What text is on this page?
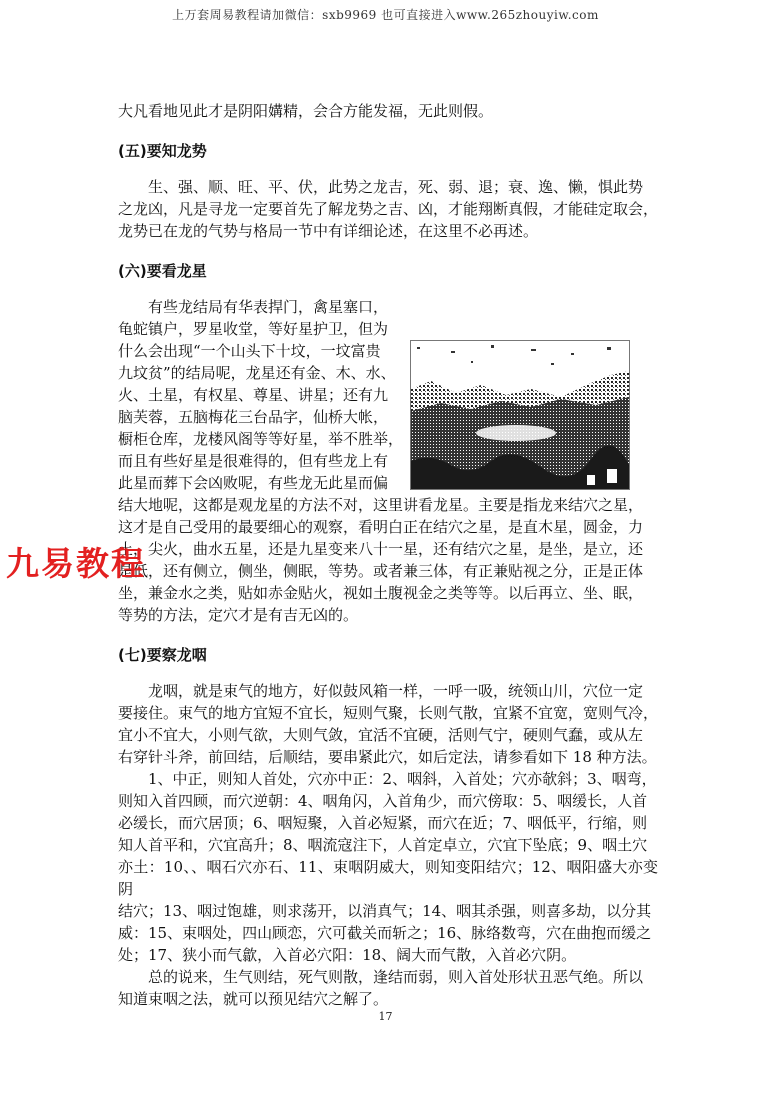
上万套周易教程请加微信：sxb9969 也可直接进入www.265zhouyiw.com

大凡看地见此才是阴阳媾精，会合方能发福，无此则假。

(五)要知龙势

生、强、顺、旺、平、伏，此势之龙吉，死、弱、退；衰、逸、懒，惧此势

之龙凶，凡是寻龙一定要首先了解龙势之吉、凶，才能翔断真假，才能硅定取会，

龙势已在龙的气势与格局一节中有详细论述，在这里不必再述。

(六)要看龙星

有些龙结局有华表捍门，禽星塞口，

龟蛇镇户，罗星收堂，等好星护卫，但为

什么会出现“一个山头下十坟，一坟富贵

九坟贫”的结局呢，龙星还有金、木、水、

火、土星，有权星、尊星、讲星；还有九

脑芙蓉，五脑梅花三台品字，仙桥大帐，

橱柜仓库，龙楼风阁等等好星，举不胜举，

而且有些好星是很难得的，但有些龙上有

此星而葬下会凶败呢，有些龙无此星而偏

结大地呢，这都是观龙星的方法不对，这里讲看龙星。主要是指龙来结穴之星，

这才是自己受用的最要细心的观察，看明白正在结穴之星，是直木星，圆金，力

土，尖火，曲水五星，还是九星变来八十一星，还有结穴之星，是坐，是立，还

是低，还有侧立，侧坐，侧眠，等势。或者兼三体，有正兼贴视之分，正是正体

坐，兼金水之类，贴如赤金贴火，视如土腹视金之类等等。以后再立、坐、眠，

等势的方法，定穴才是有吉无凶的。

(七)要察龙咽

龙咽，就是束气的地方，好似鼓风箱一样，一呼一吸，统领山川，穴位一定

要接住。束气的地方宜短不宜长，短则气聚，长则气散，宜紧不宜宽，宽则气冷，

宜小不宜大，小则气欲，大则气敛，宜活不宜硬，活则气宁，硬则气蠢，或从左

右穿针斗斧，前回结，后顺结，要串紧此穴，如后定法，请参看如下 18 种方法。

1、中正，则知人首处，穴亦中正：2、咽斜，入首处；穴亦欹斜；3、咽弯，

则知入首四顾，而穴逆朝：4、咽角闪，入首角少，而穴傍取：5、咽缓长，人首

必缓长，而穴居顶；6、咽短聚，入首必短紧，而穴在近；7、咽低平，行缩，则

知人首平和，穴宜高升；8、咽流寇注下，人首定卓立，穴宜下坠底；9、咽土穴

亦土：10、、咽石穴亦石、11、束咽阴威大，则知变阳结穴；12、咽阳盛大亦变阴

结穴；13、咽过饱雄，则求荡开，以消真气；14、咽其杀强，则喜多劫，以分其

威：15、束咽处，四山顾恋，穴可截关而斩之；16、脉络数弯，穴在曲抱而缓之

处；17、狭小而气歙，入首必穴阳：18、阔大而气散，入首必穴阴。

总的说来，生气则结，死气则散，逢结而弱，则入首处形状丑恶气绝。所以

知道束咽之法，就可以预见结穴之解了。

九易教程
17
